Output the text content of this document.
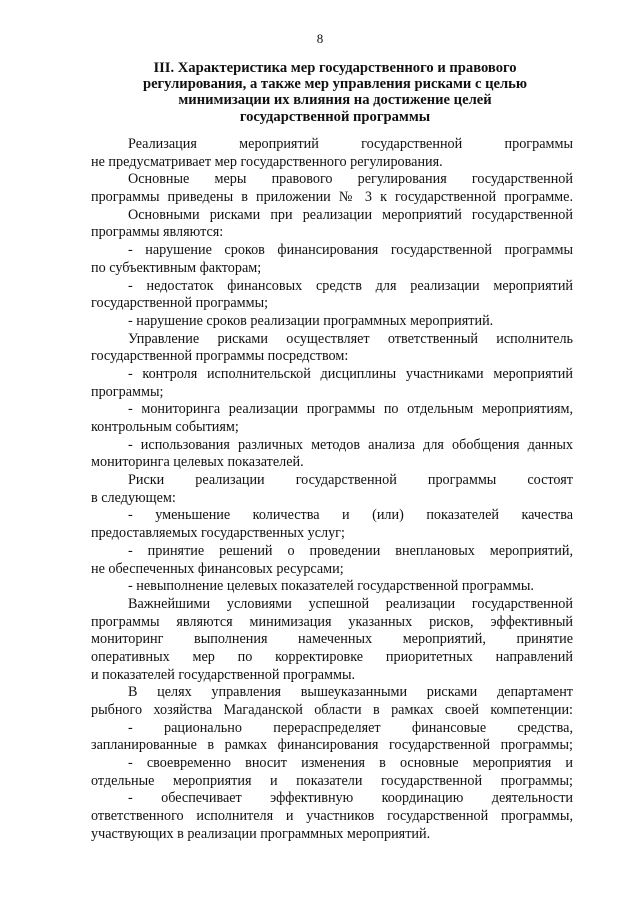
8
III. Характеристика мер государственного и правового
регулирования, а также мер управления рисками с целью
минимизации их влияния на достижение целей
государственной программы
Реализация мероприятий государственной программы
не предусматривает мер государственного регулирования.
Основные меры правового регулирования государственной
программы приведены в приложении № 3 к государственной программе.
Основными рисками при реализации мероприятий государственной
программы являются:
- нарушение сроков финансирования государственной программы
по субъективным факторам;
- недостаток финансовых средств для реализации мероприятий
государственной программы;
- нарушение сроков реализации программных мероприятий.
Управление рисками осуществляет ответственный исполнитель
государственной программы посредством:
- контроля исполнительской дисциплины участниками мероприятий
программы;
- мониторинга реализации программы по отдельным мероприятиям,
контрольным событиям;
- использования различных методов анализа для обобщения данных
мониторинга целевых показателей.
Риски реализации государственной программы состоят
в следующем:
- уменьшение количества и (или) показателей качества
предоставляемых государственных услуг;
- принятие решений о проведении внеплановых мероприятий,
не обеспеченных финансовых ресурсами;
- невыполнение целевых показателей государственной программы.
Важнейшими условиями успешной реализации государственной
программы являются минимизация указанных рисков, эффективный
мониторинг выполнения намеченных мероприятий, принятие
оперативных мер по корректировке приоритетных направлений
и показателей государственной программы.
В целях управления вышеуказанными рисками департамент
рыбного хозяйства Магаданской области в рамках своей компетенции:
- рационально перераспределяет финансовые средства,
запланированные в рамках финансирования государственной программы;
- своевременно вносит изменения в основные мероприятия и
отдельные мероприятия и показатели государственной программы;
- обеспечивает эффективную координацию деятельности
ответственного исполнителя и участников государственной программы,
участвующих в реализации программных мероприятий.
